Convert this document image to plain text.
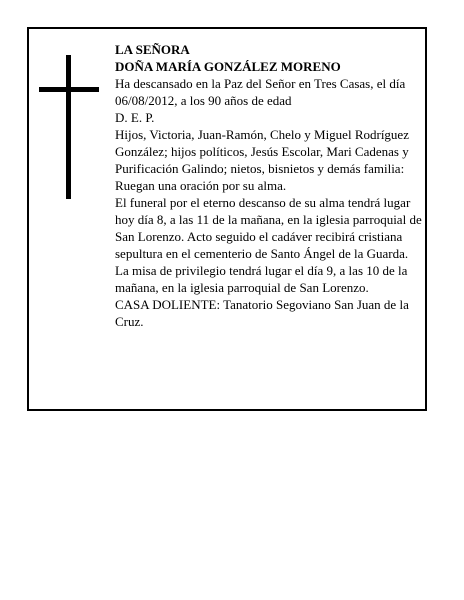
LA SEÑORA

DOÑA MARÍA GONZÁLEZ MORENO

Ha descansado en la Paz del Señor en Tres Casas, el día 06/08/2012, a los 90 años de edad

D. E. P.

Hijos, Victoria, Juan-Ramón, Chelo y Miguel Rodríguez González; hijos políticos, Jesús Escolar, Mari Cadenas y Purificación Galindo; nietos, bisnietos y demás familia:

Ruegan una oración por su alma.

El funeral por el eterno descanso de su alma tendrá lugar hoy día 8, a las 11 de la mañana, en la iglesia parroquial de San Lorenzo. Acto seguido el cadáver recibirá cristiana sepultura en el cementerio de Santo Ángel de la Guarda. La misa de privilegio tendrá lugar el día 9, a las 10 de la mañana, en la iglesia parroquial de San Lorenzo.

CASA DOLIENTE: Tanatorio Segoviano San Juan de la Cruz.
